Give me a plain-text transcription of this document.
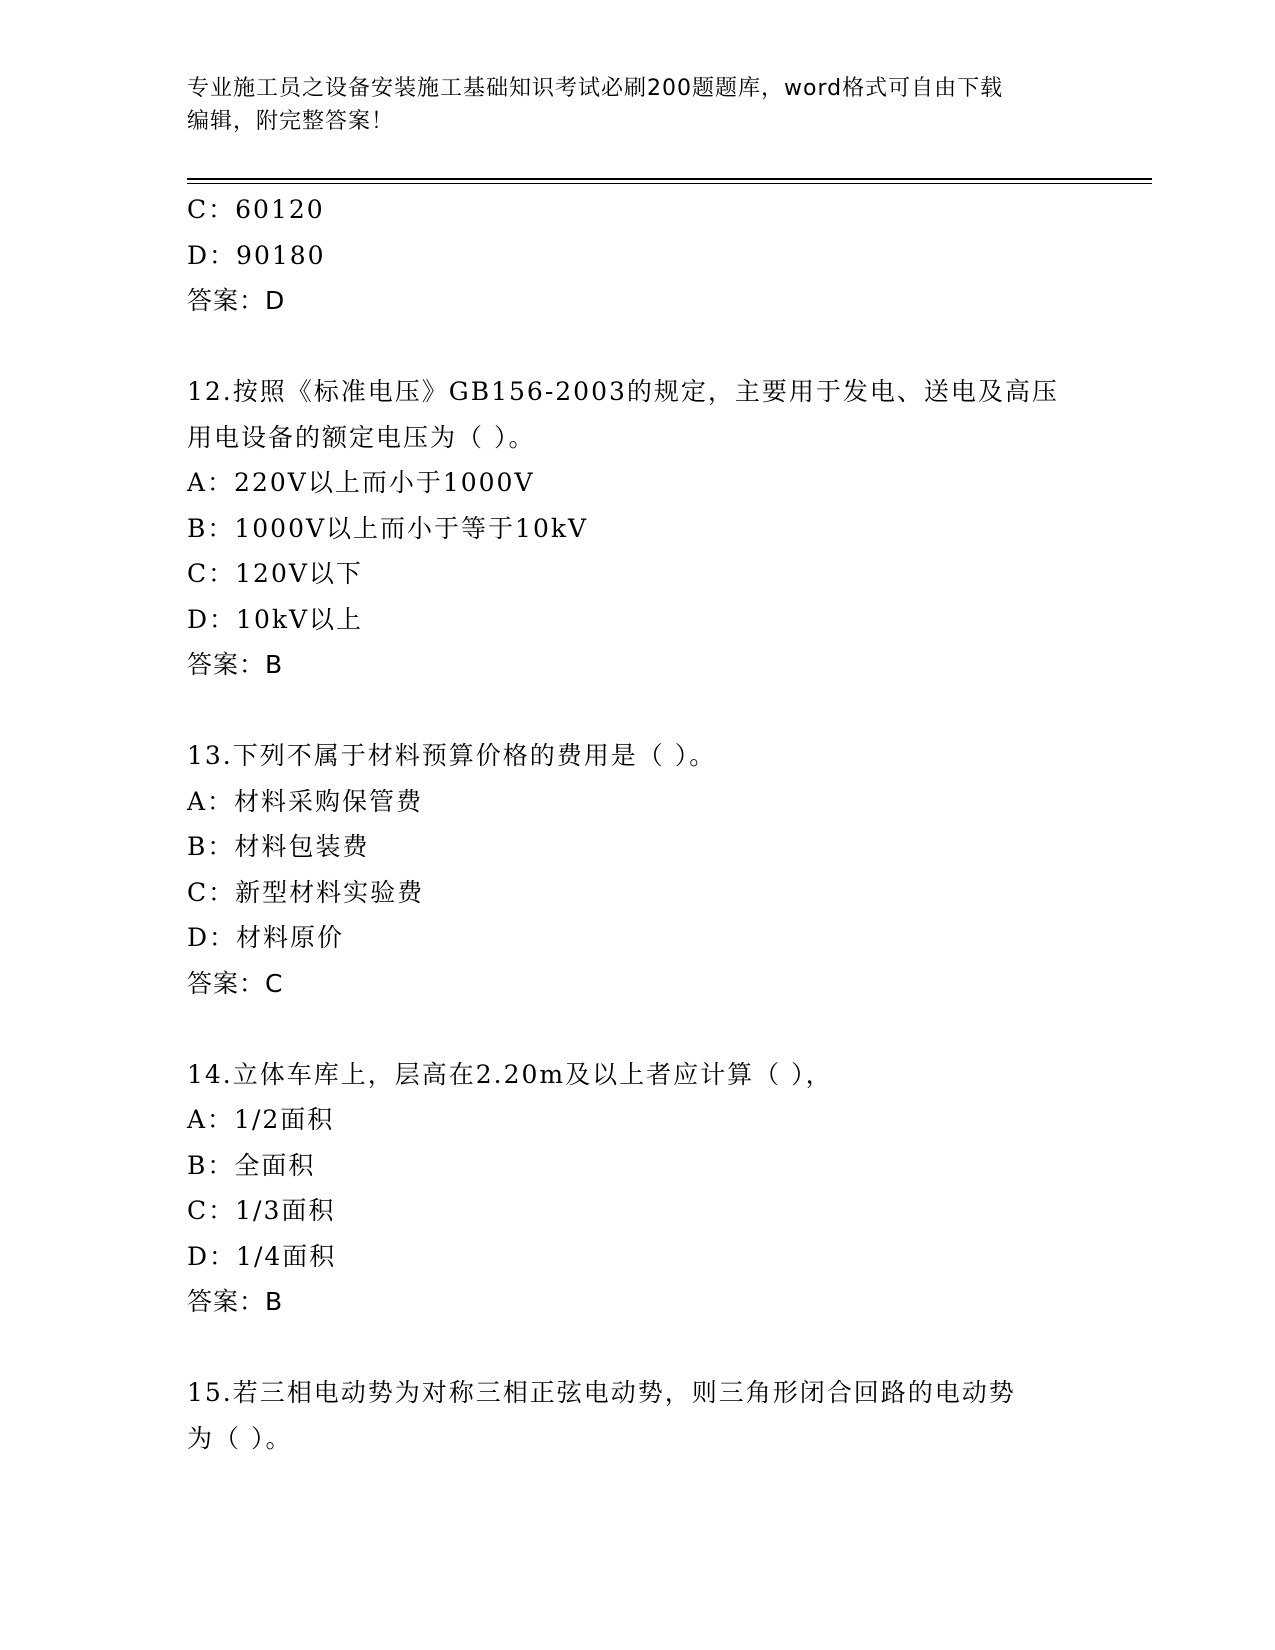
专业施工员之设备安装施工基础知识考试必刷200题题库，word格式可自由下载
编辑，附完整答案！
C：60120
D：90180
答案：D
12.按照《标准电压》GB156-2003的规定，主要用于发电、送电及高压
用电设备的额定电压为（ ）。
A：220V以上而小于1000V
B：1000V以上而小于等于10kV
C：120V以下
D：10kV以上
答案：B
13.下列不属于材料预算价格的费用是（ ）。
A：材料采购保管费
B：材料包装费
C：新型材料实验费
D：材料原价
答案：C
14.立体车库上，层高在2.20m及以上者应计算（ ），
A：1/2面积
B：全面积
C：1/3面积
D：1/4面积
答案：B
15.若三相电动势为对称三相正弦电动势，则三角形闭合回路的电动势
为（ ）。
